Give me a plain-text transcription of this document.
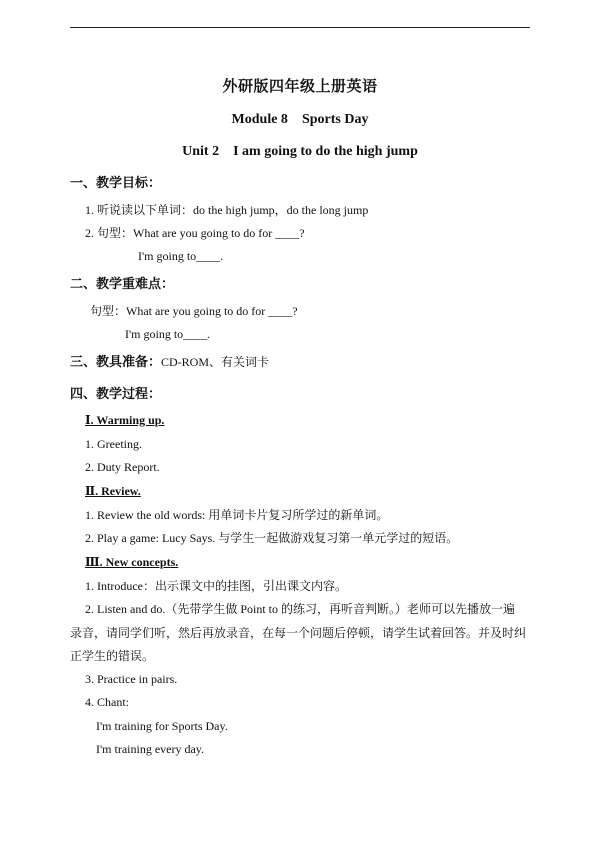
外研版四年级上册英语
Module 8 Sports Day
Unit 2 I am going to do the high jump
一、教学目标：
1. 听说读以下单词：do the high jump，do the long jump
2. 句型：What are you going to do for ____?
I'm going to____.
二、教学重难点：
句型：What are you going to do for ____?
I'm going to____.
三、教具准备：CD-ROM、有关词卡
四、教学过程：
Ⅰ. Warming up.
1. Greeting.
2. Duty Report.
Ⅱ. Review.
1. Review the old words: 用单词卡片复习所学过的新单词。
2. Play a game: Lucy Says. 与学生一起做游戏复习第一单元学过的短语。
Ⅲ. New concepts.
1. Introduce：出示课文中的挂图，引出课文内容。
2. Listen and do.（先带学生做 Point to 的练习，再听音判断。）老师可以先播放一遍
录音，请同学们听，然后再放录音，在每一个问题后停顿，请学生试着回答。并及时纠
正学生的错误。
3. Practice in pairs.
4. Chant:
I'm training for Sports Day.
I'm training every day.
